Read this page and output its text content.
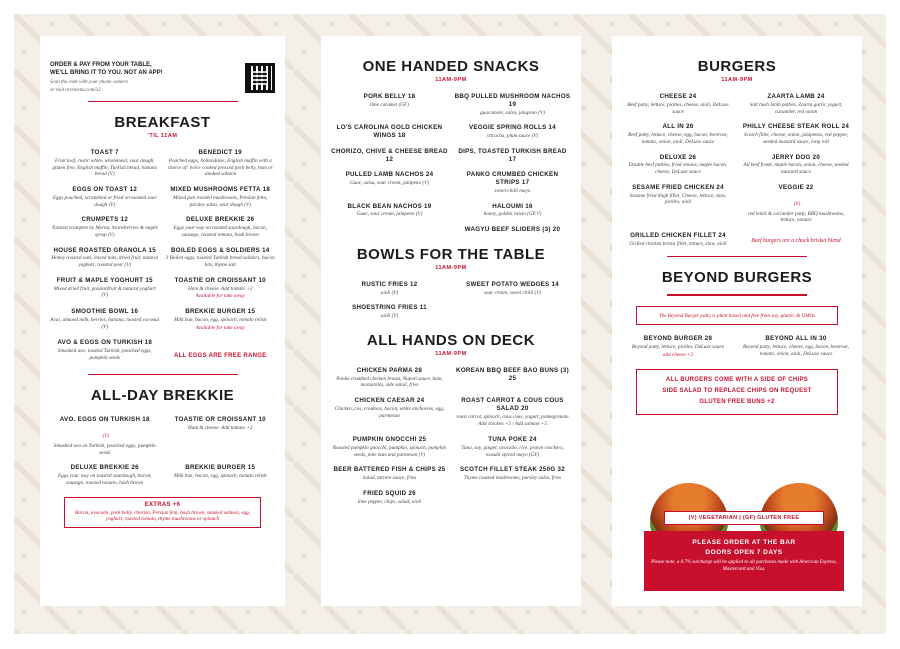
ORDER & PAY FROM YOUR TABLE,
WE'LL BRING IT TO YOU. NOT AN APP!
Scan the code with your phone camera
or visit orvrmenu.com/32
BREAKFAST
'TIL 11AM
TOAST 7
Fruit loaf, rustic white, wholemeal, sour dough, gluten free, English muffin, Turkish bread, banana bread (V)
BENEDICT 19
Poached eggs, hollandaise, English muffin with a choice of: twice cooked pressed pork belly, ham or smoked salmon
EGGS ON TOAST 12
Eggs poached, scrambled or fried on toasted sour dough (V)
MIXED MUSHROOMS FETTA 18
Mixed pan roasted mushrooms, Persian fetta, parsley salsa, sour dough (V)
CRUMPETS 12
Toasted crumpets by Merna, Strawberries & maple syrup (V)
DELUXE BREKKIE 26
Eggs your way on toasted sourdough, bacon, sausage, roasted tomato, hash brown
HOUSE ROASTED GRANOLA 15
Honey roasted oats, mixed nuts, dried fruit, natural yoghurt, roasted pear (V)
BOILED EGGS & SOLDIERS 14
3 Boiled eggs, toasted Turkish bread soldiers, bacon bits, thyme salt
FRUIT & MAPLE YOGHURT 15
Mixed dried fruit, passionfruit & natural yoghurt (V)
TOASTIE OR CROISSANT 10
Ham & cheese. Add tomato +2
Available for take away
SMOOTHIE BOWL 16
Acai, almond milk, berries, banana, toasted coconut (V)
BREKKIE BURGER 15
Milk bun, bacon, egg, spinach, tomato relish
Available for take away
AVO & EGGS ON TURKISH 18
Smashed avo, toasted Turkish, poached eggs, pumpkin seeds	ALL EGGS ARE FREE RANGE
ALL-DAY BREKKIE
AVO. EGGS ON TURKISH 18
(V)
Smashed avo on Turkish, poached eggs, pumpkin seeds
TOASTIE OR CROISSANT 10
Ham & cheese. Add tomato +2
DELUXE BREKKIE 26
Eggs your way on toasted sourdough, bacon, sausage, roasted tomato, hash brown
BREKKIE BURGER 15
Milk bun, bacon, egg, spinach, tomato relish
EXTRAS +6
Bacon, avocado, pork belly, chorizo, Persian feta, hash brown, smoked salmon, egg, yoghurt, roasted tomato, thyme mushrooms or spinach
ONE HANDED SNACKS
11AM-9PM
PORK BELLY 18
lime caramel (GF)
BBQ PULLED MUSHROOM NACHOS 19
guacamole, salsa, jalapeno (V)
LO'S CAROLINA GOLD CHICKEN WINGS 18
VEGGIE SPRING ROLLS 14
sriracha, plum sauce (V)
CHORIZO, CHIVE & CHEESE BREAD 12
DIPS, TOASTED TURKISH BREAD 17
PULLED LAMB NACHOS 24
Guac, salsa, sour cream, jalapeno (V)
PANKO CRUMBED CHICKEN STRIPS 17
sweet chilli mayo
BLACK BEAN NACHOS 19
Guac, sour cream, jalapeno (V)
HALOUMI 16
honey, golden raisin (GF.V)
WAGYU BEEF SLIDERS (3) 20
BOWLS FOR THE TABLE
11AM-9PM
RUSTIC FRIES 12
aioli (V)
SWEET POTATO WEDGES 14
sour cream, sweet chilli (V)
SHOESTRING FRIES 11
aioli (V)
ALL HANDS ON DECK
11AM-9PM
CHICKEN PARMA 28
Panko crumbed chicken breast, Napoli sauce, ham, mozzarella, side salad, fries
KOREAN BBQ BEEF BAO BUNS (3) 25
CHICKEN CAESAR 24
Chicken, cos, croutons, bacon, white anchovies, egg, parmesan
ROAST CARROT & COUS COUS SALAD 20
roast carrot, spinach, cous cous, yogurt, pomegranate
Add chicken +5 / Add salmon +5
PUMPKIN GNOCCHI 25
Roasted pumpkin gnocchi, pumpkin, spinach, pumpkin seeds, pine nuts and parmesan (V)
TUNA POKE 24
Tuna, soy, ginger, avocado, rice, prawn crackers, wasabi spiced mayo (GF)
BEER BATTERED FISH & CHIPS 25
Salad, tartare sauce, fries
SCOTCH FILLET STEAK 250G 32
Thyme roasted mushrooms, parsley salsa, fries
FRIED SQUID 26
lime pepper, chips, salad, aioli
BURGERS
11AM-9PM
CHEESE 24
Beef patty, lettuce, pickles, cheese, aioli, DeLuxe sauce
ZAARTA LAMB 24
Salt bush lamb patties, Zaarta garlic yogurt, cucumber, red onion
ALL IN 26
Beef patty, lettuce, cheese, egg, bacon, beetroot, tomato, onion, aioli, DeLuxe sauce
PHILLY CHEESE STEAK ROLL 24
Scotch fillet, cheese, onion, jalapenos, red pepper, seeded mustard sauce, long roll
DELUXE 26
Double beef patties, fried onions, maple bacon, cheese, DeLuxe sauce
JERRY DOG 20
All beef frank, maple bacon, onion, cheese, seeded mustard sauce
SESAME FRIED CHICKEN 24
Sesame fried thigh fillet, Cheese, lettuce, slaw, pickles, aioli
VEGGIE 22
(V)
red lentil & coriander patty, BBQ mushrooms, lettuce, tomato
GRILLED CHICKEN FILLET 24
Grilled chicken breast fillet, lettuce, slaw, aioli	Beef burgers are a chuck brisket blend
BEYOND BURGERS
The Beyond Burger patty is plant based and free from soy, gluten, & GMOs
BEYOND BURGER 28
Beyond patty, lettuce, pickles, DeLuxe sauce
add cheese +2
BEYOND ALL IN 30
Beyond patty, lettuce, cheese, egg, bacon, beetroot, tomato, onion, aioli, DeLuxe sauce
ALL BURGERS COME WITH A SIDE OF CHIPS
SIDE SALAD TO REPLACE CHIPS ON REQUEST
GLUTEN FREE BUNS +2
(V) VEGETARIAN | (GF) GLUTEN FREE
PLEASE ORDER AT THE BAR
DOORS OPEN 7 DAYS
Please note, a 0.7% surcharge will be applied to all purchases made with American Express, Mastercard and Visa.
